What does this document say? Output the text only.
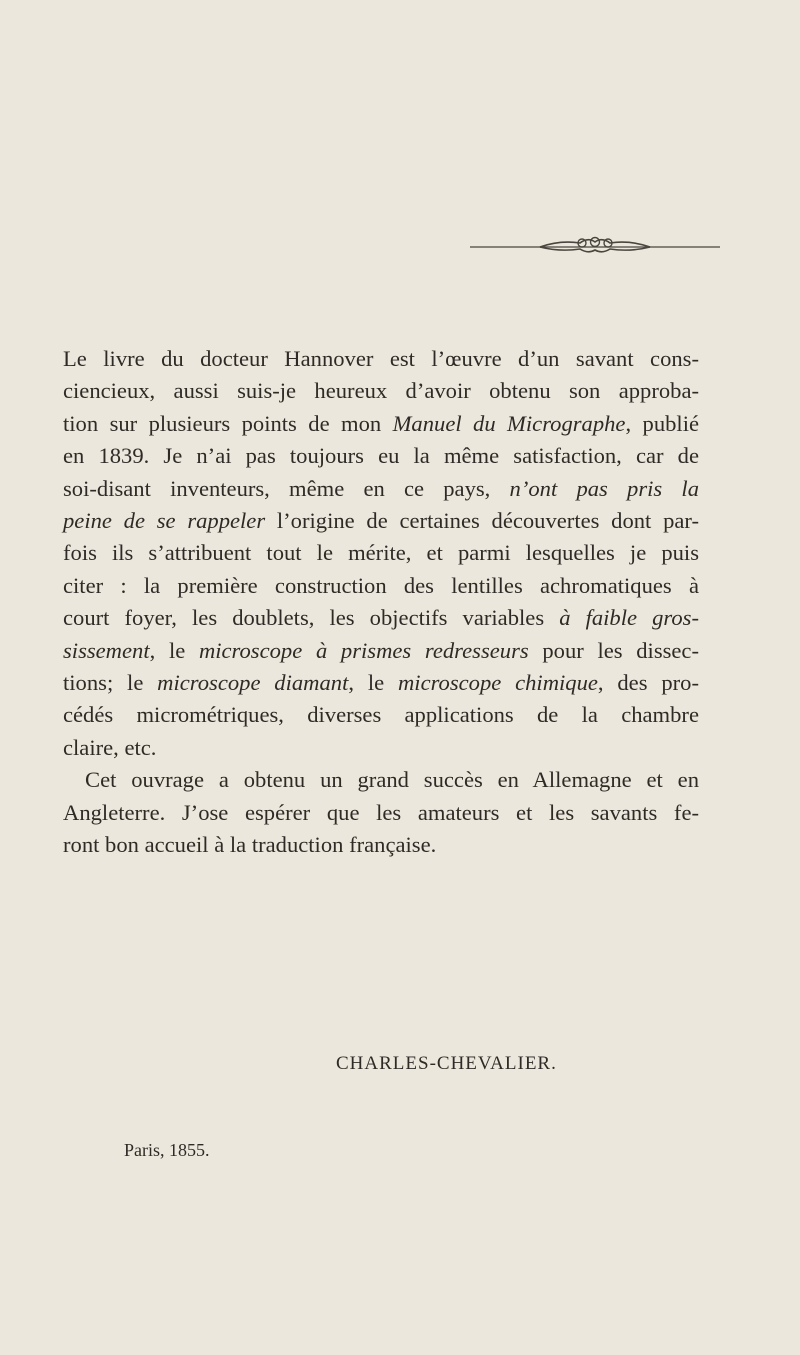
Le livre du docteur Hannover est l’œuvre d’un savant cons-
ciencieux, aussi suis-je heureux d’avoir obtenu son approba-
tion sur plusieurs points de mon Manuel du Micrographe, publié
en 1839. Je n’ai pas toujours eu la même satisfaction, car de
soi-disant inventeurs, même en ce pays, n’ont pas pris la
peine de se rappeler l’origine de certaines découvertes dont par-
fois ils s’attribuent tout le mérite, et parmi lesquelles je puis
citer : la première construction des lentilles achromatiques à
court foyer, les doublets, les objectifs variables à faible gros-
sissement, le microscope à prismes redresseurs pour les dissec-
tions; le microscope diamant, le microscope chimique, des pro-
cédés micrométriques, diverses applications de la chambre
claire, etc.
Cet ouvrage a obtenu un grand succès en Allemagne et en
Angleterre. J’ose espérer que les amateurs et les savants fe-
ront bon accueil à la traduction française.
CHARLES-CHEVALIER.
Paris, 1855.
